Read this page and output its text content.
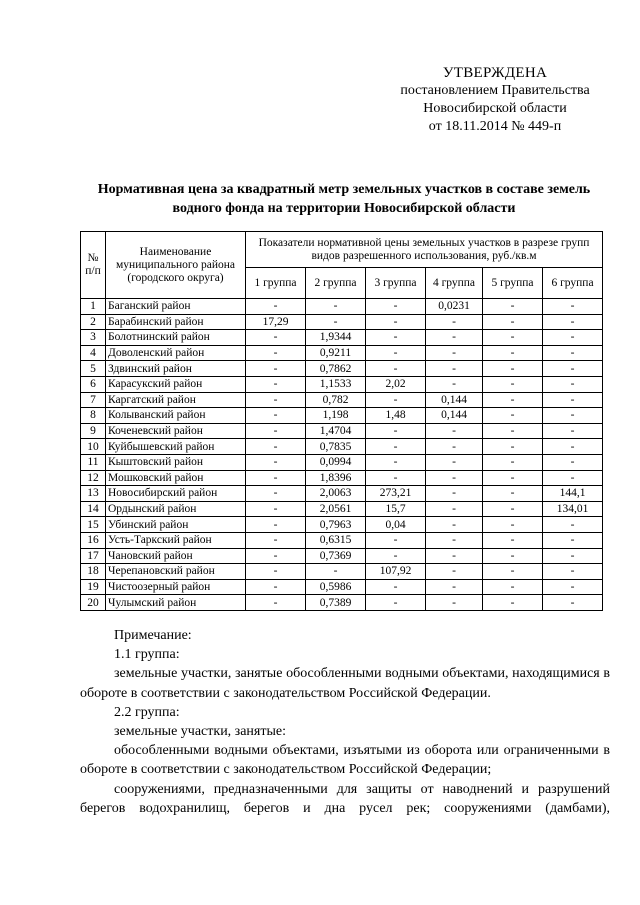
УТВЕРЖДЕНА
постановлением Правительства
Новосибирской области
от 18.11.2014 № 449-п
Нормативная цена за квадратный метр земельных участков в составе земель
водного фонда на территории Новосибирской области
№ п/п	Наименование муниципального района (городского округа)	Показатели нормативной цены земельных участков в разрезе групп видов разрешенного использования, руб./кв.м					
		1 группа	2 группа	3 группа	4 группа	5 группа	6 группа
1	Баганский район	-	-	-	0,0231	-	-
2	Барабинский район	17,29	-	-	-	-	-
3	Болотнинский район	-	1,9344	-	-	-	-
4	Доволенский район	-	0,9211	-	-	-	-
5	Здвинский район	-	0,7862	-	-	-	-
6	Карасукский район	-	1,1533	2,02	-	-	-
7	Каргатский район	-	0,782	-	0,144	-	-
8	Колыванский район	-	1,198	1,48	0,144	-	-
9	Коченевский район	-	1,4704	-	-	-	-
10	Куйбышевский район	-	0,7835	-	-	-	-
11	Кыштовский район	-	0,0994	-	-	-	-
12	Мошковский район	-	1,8396	-	-	-	-
13	Новосибирский район	-	2,0063	273,21	-	-	144,1
14	Ордынский район	-	2,0561	15,7	-	-	134,01
15	Убинский район	-	0,7963	0,04	-	-	-
16	Усть-Таркский район	-	0,6315	-	-	-	-
17	Чановский район	-	0,7369	-	-	-	-
18	Черепановский район	-	-	107,92	-	-	-
19	Чистоозерный район	-	0,5986	-	-	-	-
20	Чулымский район	-	0,7389	-	-	-	-

Примечание:

1.1 группа:

земельные участки, занятые обособленными водными объектами, находящимися в обороте в соответствии с законодательством Российской Федерации.

2.2 группа:

земельные участки, занятые:

обособленными водными объектами, изъятыми из оборота или ограниченными в обороте в соответствии с законодательством Российской Федерации;

сооружениями, предназначенными для защиты от наводнений и разрушений берегов водохранилищ, берегов и дна русел рек; сооружениями (дамбами),
